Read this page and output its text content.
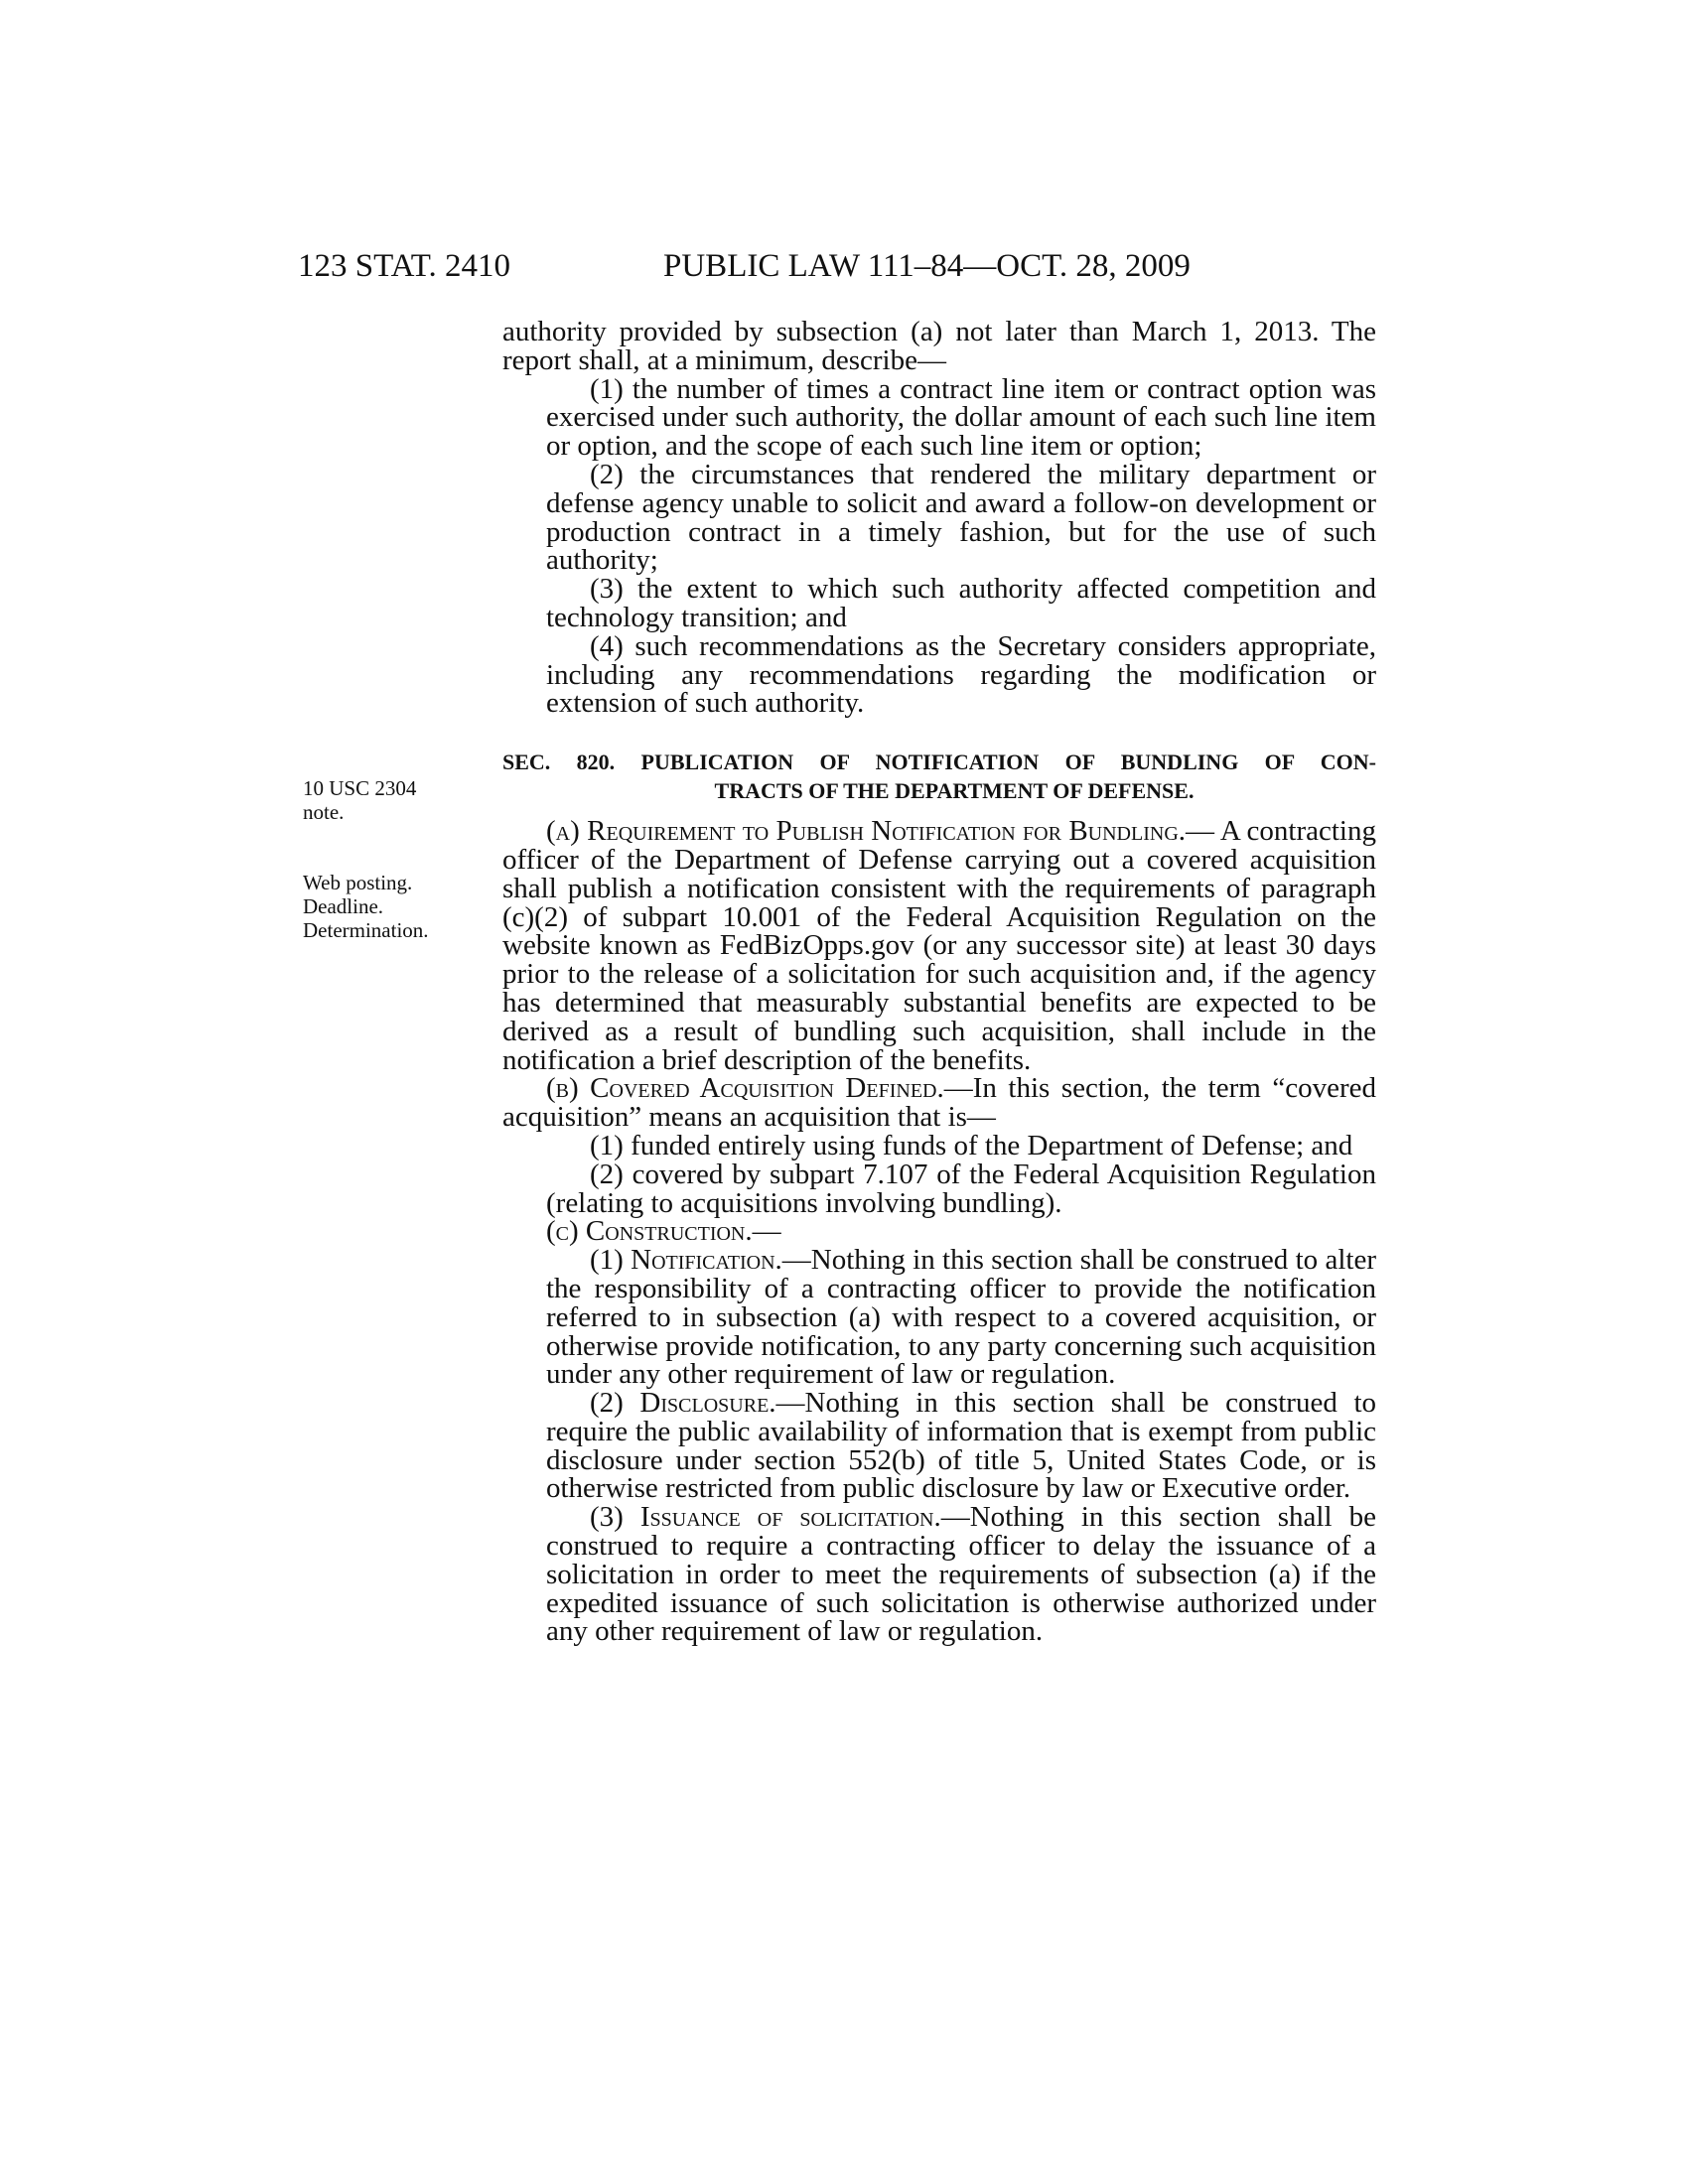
123 STAT. 2410	PUBLIC LAW 111–84—OCT. 28, 2009
10 USC 2304
note.
Web posting.
Deadline.
Determination.

authority provided by subsection (a) not later than March 1, 2013. The report shall, at a minimum, describe—

(1) the number of times a contract line item or contract option was exercised under such authority, the dollar amount of each such line item or option, and the scope of each such line item or option;

(2) the circumstances that rendered the military department or defense agency unable to solicit and award a follow-on development or production contract in a timely fashion, but for the use of such authority;

(3) the extent to which such authority affected competition and technology transition; and

(4) such recommendations as the Secretary considers appropriate, including any recommendations regarding the modification or extension of such authority.

SEC. 820. PUBLICATION OF NOTIFICATION OF BUNDLING OF CON-
TRACTS OF THE DEPARTMENT OF DEFENSE.

(a) Requirement to Publish Notification for Bundling.— A contracting officer of the Department of Defense carrying out a covered acquisition shall publish a notification consistent with the requirements of paragraph (c)(2) of subpart 10.001 of the Federal Acquisition Regulation on the website known as FedBizOpps.gov (or any successor site) at least 30 days prior to the release of a solicitation for such acquisition and, if the agency has determined that measurably substantial benefits are expected to be derived as a result of bundling such acquisition, shall include in the notification a brief description of the benefits.

(b) Covered Acquisition Defined.—In this section, the term “covered acquisition” means an acquisition that is—

(1) funded entirely using funds of the Department of Defense; and

(2) covered by subpart 7.107 of the Federal Acquisition Regulation (relating to acquisitions involving bundling).

(c) Construction.—

(1) Notification.—Nothing in this section shall be construed to alter the responsibility of a contracting officer to provide the notification referred to in subsection (a) with respect to a covered acquisition, or otherwise provide notification, to any party concerning such acquisition under any other requirement of law or regulation.

(2) Disclosure.—Nothing in this section shall be construed to require the public availability of information that is exempt from public disclosure under section 552(b) of title 5, United States Code, or is otherwise restricted from public disclosure by law or Executive order.

(3) Issuance of solicitation.—Nothing in this section shall be construed to require a contracting officer to delay the issuance of a solicitation in order to meet the requirements of subsection (a) if the expedited issuance of such solicitation is otherwise authorized under any other requirement of law or regulation.
